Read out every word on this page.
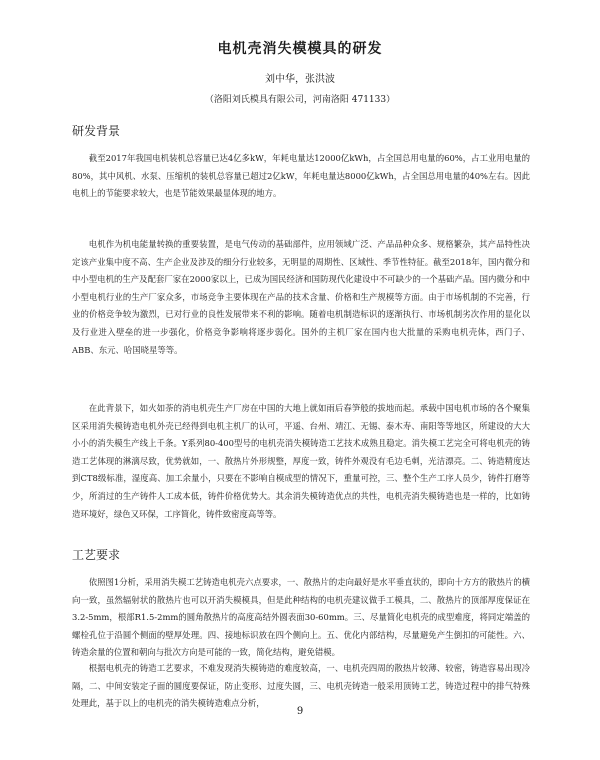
电机壳消失模模具的研发
刘中华，张洪波
（洛阳刘氏模具有限公司，河南洛阳 471133）
研发背景

截至2017年我国电机装机总容量已达4亿多kW，年耗电量达12000亿kWh，占全国总用电量的60%，占工业用电量的80%，其中风机、水泵、压缩机的装机总容量已超过2亿kW，年耗电量达8000亿kWh，占全国总用电量的40%左右。因此电机上的节能要求较大，也是节能效果最显体现的地方。

电机作为机电能量转换的重要装置，是电气传动的基础部件，应用领域广泛、产品品种众多、规格繁杂，其产品特性决定该产业集中度不高、生产企业及涉及的细分行业较多，无明显的周期性、区域性、季节性特征。截至2018年，国内微分和中小型电机的生产及配套厂家在2000家以上，已成为国民经济和国防现代化建设中不可缺少的一个基础产品。国内微分和中小型电机行业的生产厂家众多，市场竞争主要体现在产品的技术含量、价格和生产规模等方面。由于市场机制的不完善，行业的价格竞争较为激烈，已对行业的良性发展带来不利的影响。随着电机制造标识的逐渐执行、市场机制劣次作用的显化以及行业进入壁垒的进一步强化，价格竞争影响将逐步弱化。国外的主机厂家在国内也大批量的采购电机壳体，西门子、ABB、东元、哈国晓星等等。

在此背景下，如火如荼的消电机壳生产厂房在中国的大地上就如雨后春笋般的拔地而起。承载中国电机市场的各个聚集区采用消失模铸造电机外壳已经得到电机主机厂的认可，平遥、台州、靖江、无锡、泰木寿、南阳等等地区，所建设的大大小小的消失模生产线上千条。Y系列80-400型号的电机壳消失模铸造工艺技术成熟且稳定。消失模工艺完全可将电机壳的铸造工艺体现的淋漓尽致，优势就如，一、散热片外形规整，厚度一致，铸件外观没有毛边毛刺，光洁漂亮。二、铸造精度达到CT8级标准，湿度高、加工余量小，只要在不影响自模成型的情况下，重量可控，三、整个生产工序人员少，铸件打磨等少，所消过的生产铸件人工成本低，铸件价格优势大。其余消失模铸造优点的共性，电机壳消失模铸造也是一样的，比如铸造环境好，绿色又环保，工序简化，铸件致密度高等等。

工艺要求

依照图1分析，采用消失模工艺铸造电机壳六点要求，一、散热片的走向最好是水平垂直状的，即向十方方的散热片的横向一致，虽然辐射状的散热片也可以开消失模模具，但是此种结构的电机壳建议做手工模具，二、散热片的顶部厚度保证在3.2-5mm，根部R1.5-2mm的圆角散热片的高度高结外圆表面30-60mm。三、尽量简化电机壳的成型难度，将同定端盖的螺栓孔位于沿圆个侧面的壁厚处理。四、接地标识放在四个侧向上。五、优化内部结构，尽量避免产生倒扣的可能性。六、铸造余量的位置和朝向与批次方向是可能的一致，简化结构，避免错模。

根据电机壳的铸造工艺要求，不难发现消失模铸造的难度较高，一、电机壳四周的散热片较薄、较密，铸造容易出现冷隔，二、中间安装定子面的圆度要保证，防止变形、过度失圆，三、电机壳铸造一般采用顶铸工艺，铸造过程中的排气特殊处理此，基于以上的电机壳的消失模铸造难点分析，

9
